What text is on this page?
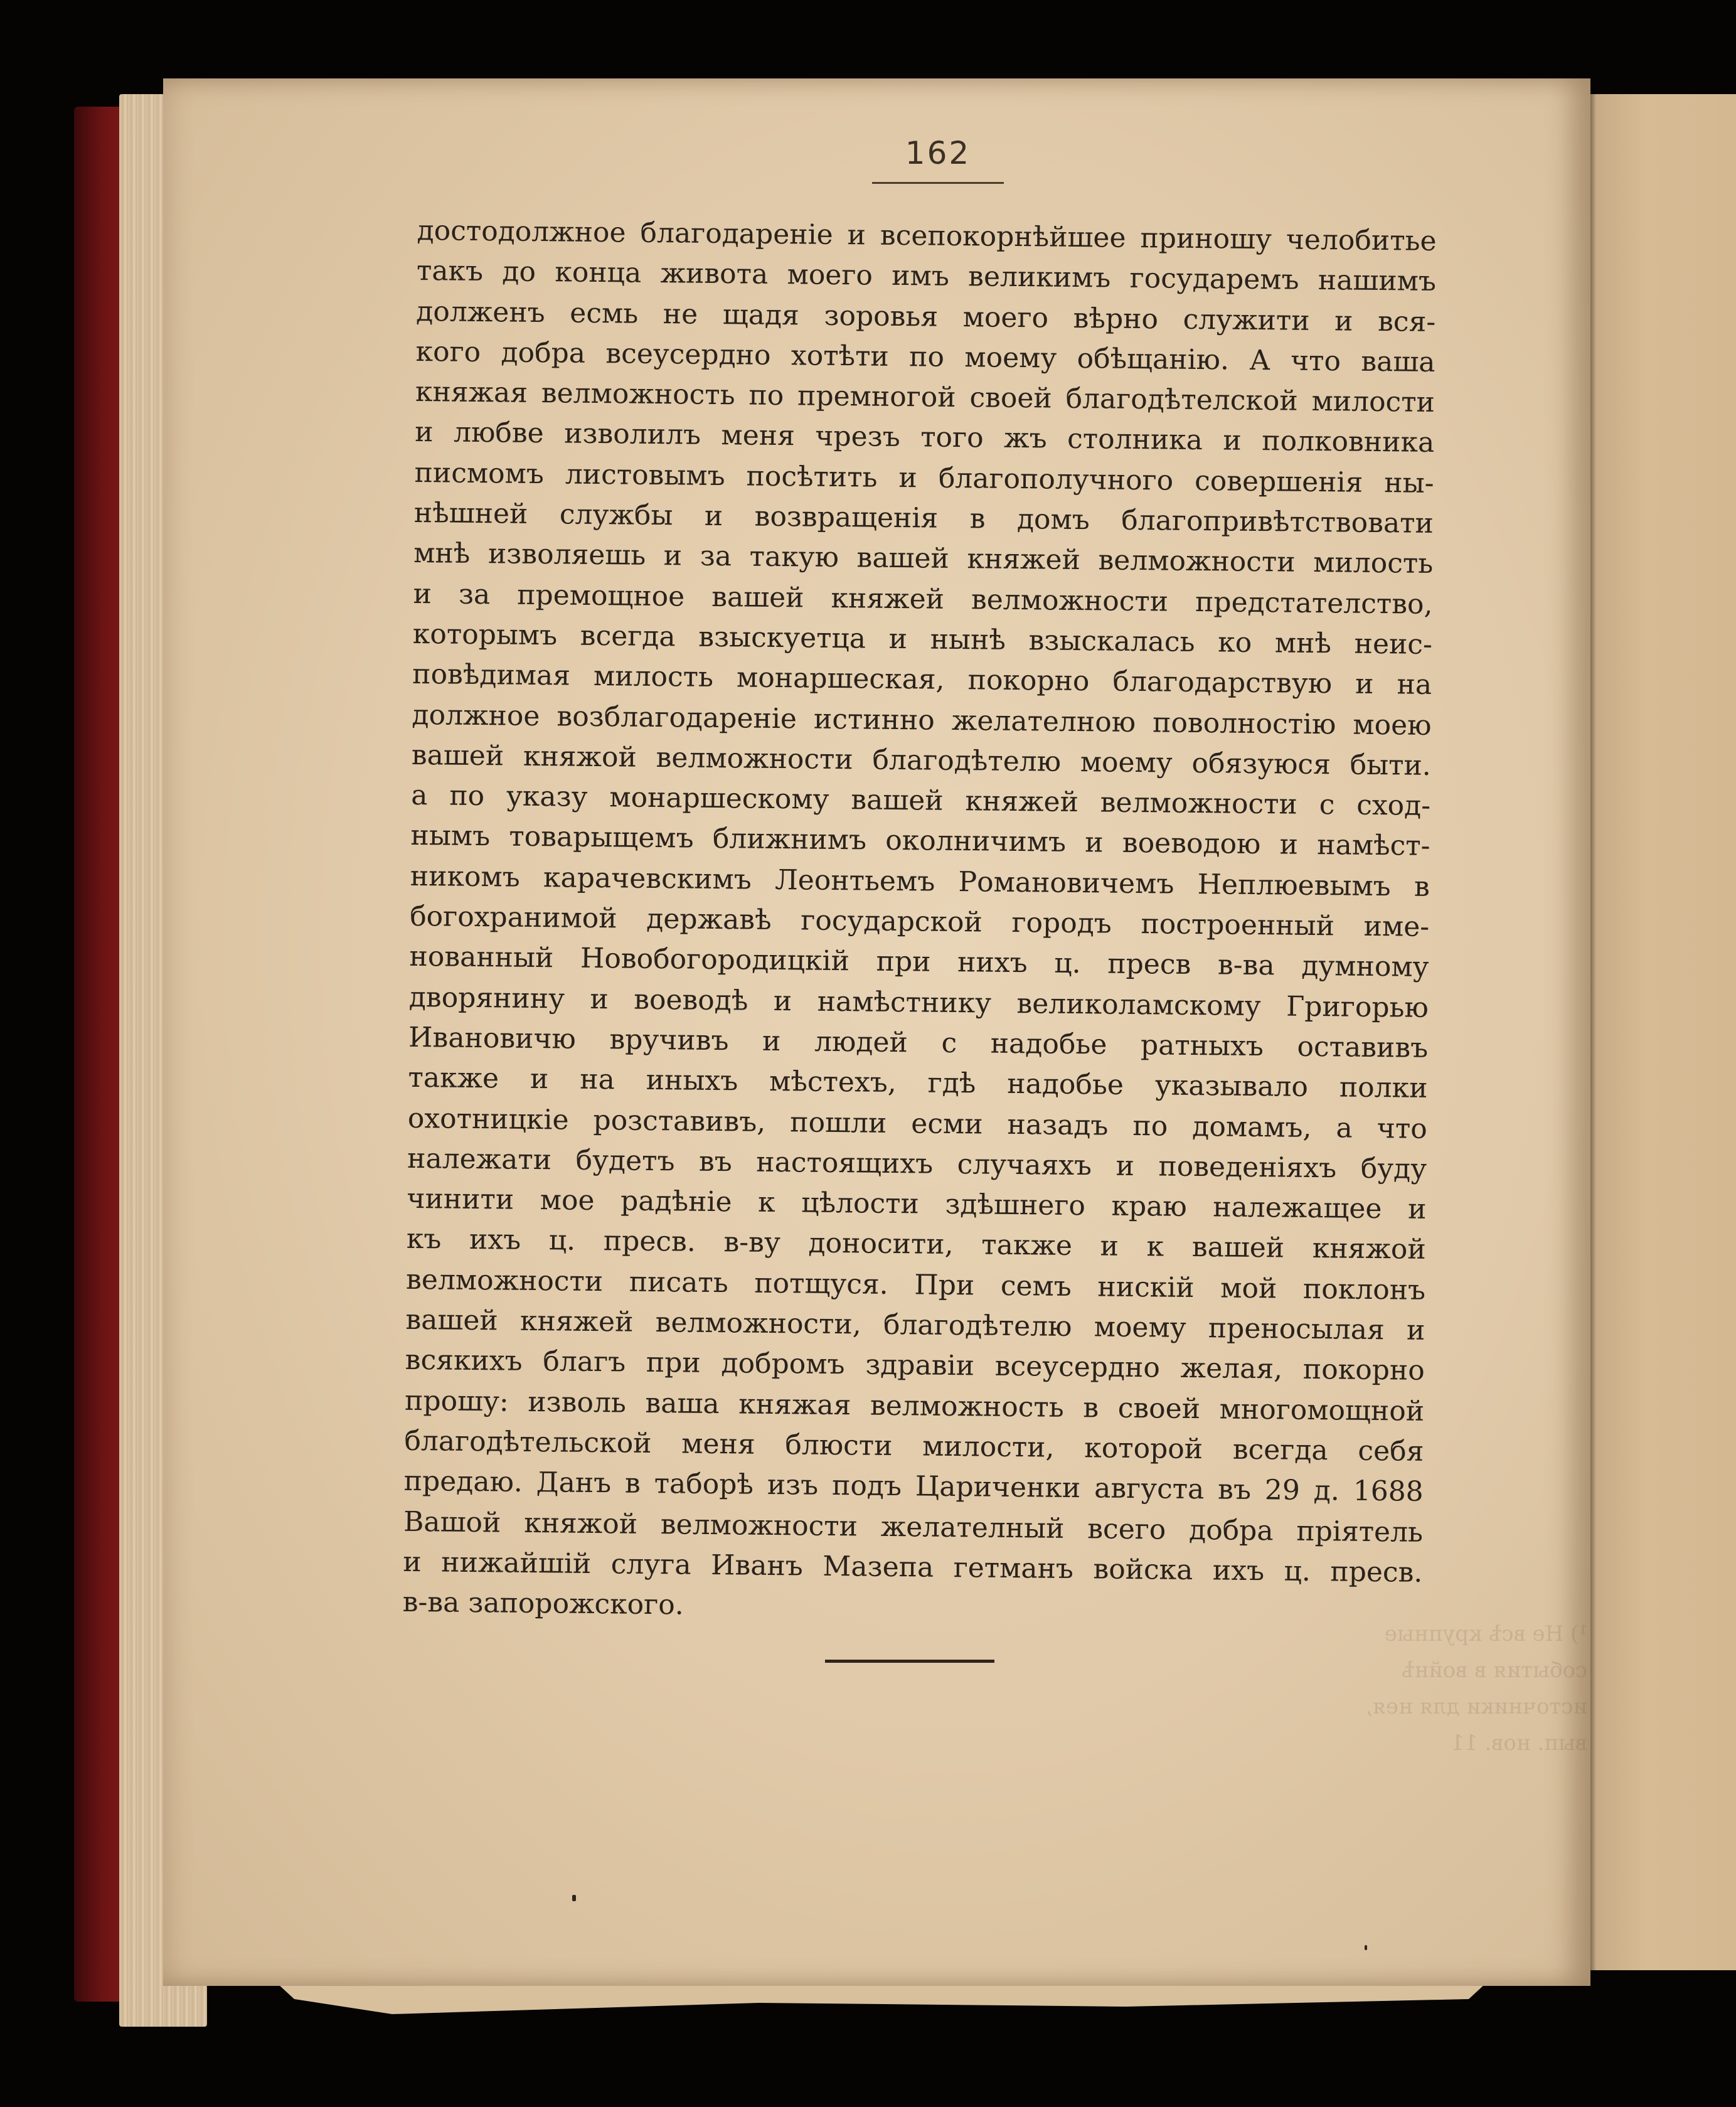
¹) Не всѣ крупные события в войнѣ
источники для нея, вып. нов. 11
162
достодолжное благодареніе и всепокорнѣйшее приношу челобитье
такъ до конца живота моего имъ великимъ государемъ нашимъ
долженъ есмь не щадя зоровья моего вѣрно служити и вся-
кого добра всеусердно хотѣти по моему обѣщанію. А что ваша
княжая велможность по премногой своей благодѣтелской милости
и любве изволилъ меня чрезъ того жъ столника и полковника
писмомъ листовымъ посѣтить и благополучного совершенія ны-
нѣшней службы и возвращенія в домъ благопривѣтствовати
мнѣ изволяешь и за такую вашей княжей велможности милость
и за премощное вашей княжей велможности предстателство,
которымъ всегда взыскуетца и нынѣ взыскалась ко мнѣ неис-
повѣдимая милость монаршеская, покорно благодарствую и на
должное возблагодареніе истинно желателною поволностію моею
вашей княжой велможности благодѣтелю моему обязуюся быти.
а по указу монаршескому вашей княжей велможности с сход-
нымъ товарыщемъ ближнимъ околничимъ и воеводою и намѣст-
никомъ карачевскимъ Леонтьемъ Романовичемъ Неплюевымъ в
богохранимой державѣ государской городъ построенный име-
нованный Новобогородицкій при нихъ ц. пресв в-ва думному
дворянину и воеводѣ и намѣстнику великоламскому Григорью
Ивановичю вручивъ и людей с надобье ратныхъ оставивъ
также и на иныхъ мѣстехъ, гдѣ надобье указывало полки
охотницкіе розставивъ, пошли есми назадъ по домамъ, а что
належати будетъ въ настоящихъ случаяхъ и поведеніяхъ буду
чинити мое радѣніе к цѣлости здѣшнего краю належащее и
къ ихъ ц. пресв. в-ву доносити, также и к вашей княжой
велможности писать потщуся. При семъ нискій мой поклонъ
вашей княжей велможности, благодѣтелю моему преносылая и
всякихъ благъ при добромъ здравіи всеусердно желая, покорно
прошу: изволь ваша княжая велможность в своей многомощной
благодѣтельской меня блюсти милости, которой всегда себя
предаю. Данъ в таборѣ изъ подъ Цариченки августа въ 29 д. 1688
Вашой княжой велможности желателный всего добра пріятель
и нижайшій слуга Иванъ Мазепа гетманъ войска ихъ ц. пресв.
в-ва запорожского.
